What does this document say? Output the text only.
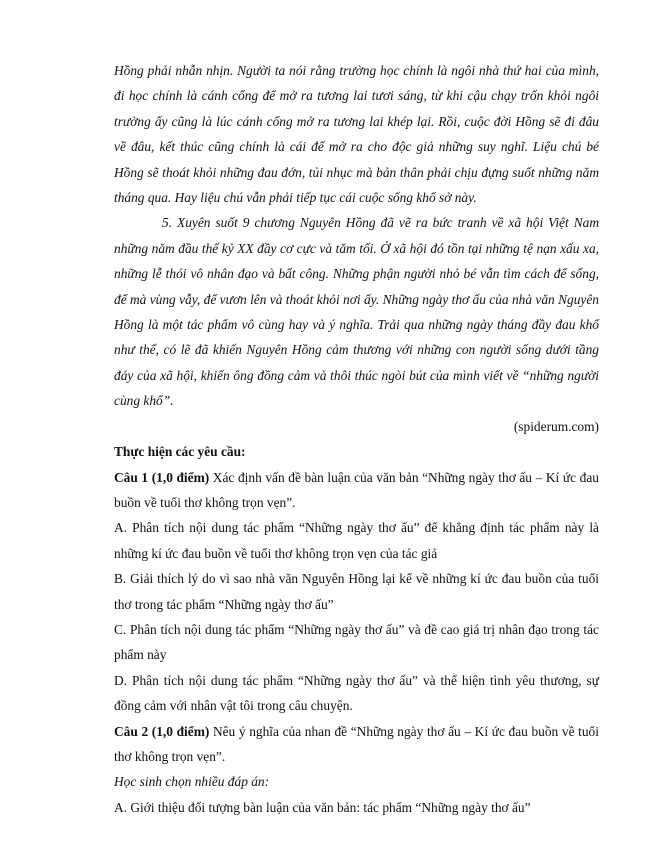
Hồng phải nhẫn nhịn. Người ta nói rằng trường học chính là ngôi nhà thứ hai của mình, đi học chính là cánh cổng để mở ra tương lai tươi sáng, từ khi cậu chạy trốn khỏi ngôi trường ấy cũng là lúc cánh cổng mở ra tương lai khép lại. Rồi, cuộc đời Hồng sẽ đi đâu về đâu, kết thúc cũng chính là cái để mở ra cho độc giả những suy nghĩ. Liệu chú bé Hồng sẽ thoát khỏi những đau đớn, tủi nhục mà bản thân phải chịu đựng suốt những năm tháng qua. Hay liệu chú vẫn phải tiếp tục cái cuộc sống khổ sở này.

5. Xuyên suốt 9 chương Nguyên Hồng đã vẽ ra bức tranh về xã hội Việt Nam những năm đầu thế kỷ XX đầy cơ cực và tăm tối. Ở xã hội đó tồn tại những tệ nạn xấu xa, những lễ thói vô nhân đạo và bất công. Những phận người nhỏ bé vẫn tìm cách để sống, để mà vùng vẫy, để vươn lên và thoát khỏi nơi ấy. Những ngày thơ ấu của nhà văn Nguyên Hồng là một tác phẩm vô cùng hay và ý nghĩa. Trải qua những ngày tháng đầy đau khổ như thế, có lẽ đã khiến Nguyên Hồng cảm thương với những con người sống dưới tầng đáy của xã hội, khiến ông đồng cảm và thôi thúc ngòi bút của mình viết về “những người cùng khổ”.

(spiderum.com)

Thực hiện các yêu cầu:

Câu 1 (1,0 điểm) Xác định vấn đề bàn luận của văn bản “Những ngày thơ ấu – Kí ức đau buồn về tuổi thơ không trọn vẹn”.

A. Phân tích nội dung tác phẩm “Những ngày thơ ấu” để khẳng định tác phẩm này là những kí ức đau buồn về tuổi thơ không trọn vẹn của tác giả

B. Giải thích lý do vì sao nhà văn Nguyên Hồng lại kể về những kí ức đau buồn của tuổi thơ trong tác phẩm “Những ngày thơ ấu”

C. Phân tích nội dung tác phẩm “Những ngày thơ ấu” và đề cao giá trị nhân đạo trong tác phẩm này

D. Phân tích nội dung tác phẩm “Những ngày thơ ấu” và thể hiện tình yêu thương, sự đồng cảm với nhân vật tôi trong câu chuyện.

Câu 2 (1,0 điểm) Nêu ý nghĩa của nhan đề “Những ngày thơ ấu – Kí ức đau buồn về tuổi thơ không trọn vẹn”.

Học sinh chọn nhiều đáp án:

A. Giới thiệu đối tượng bàn luận của văn bản: tác phẩm “Những ngày thơ ấu”
